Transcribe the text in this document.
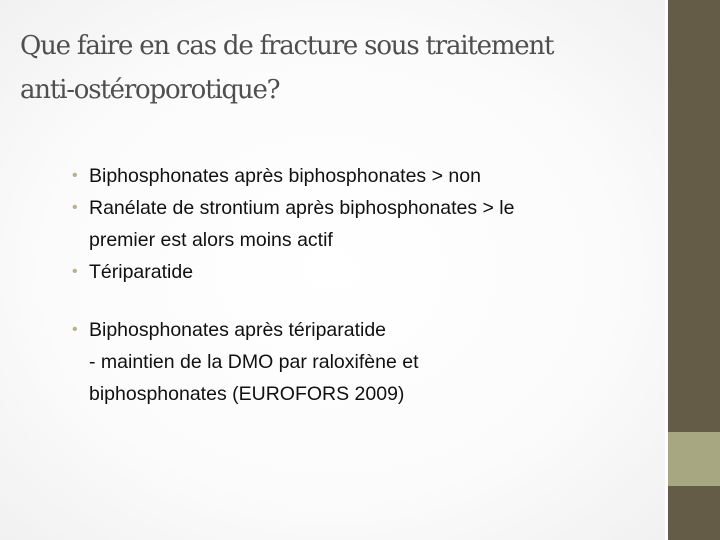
Que faire en cas de fracture sous traitement
anti-ostéroporotique?
• Biphosphonates après biphosphonates > non
• Ranélate de strontium après biphosphonates > le
premier est alors moins actif
• Tériparatide
• Biphosphonates après tériparatide
- maintien de la DMO par raloxifène et
biphosphonates (EUROFORS 2009)
